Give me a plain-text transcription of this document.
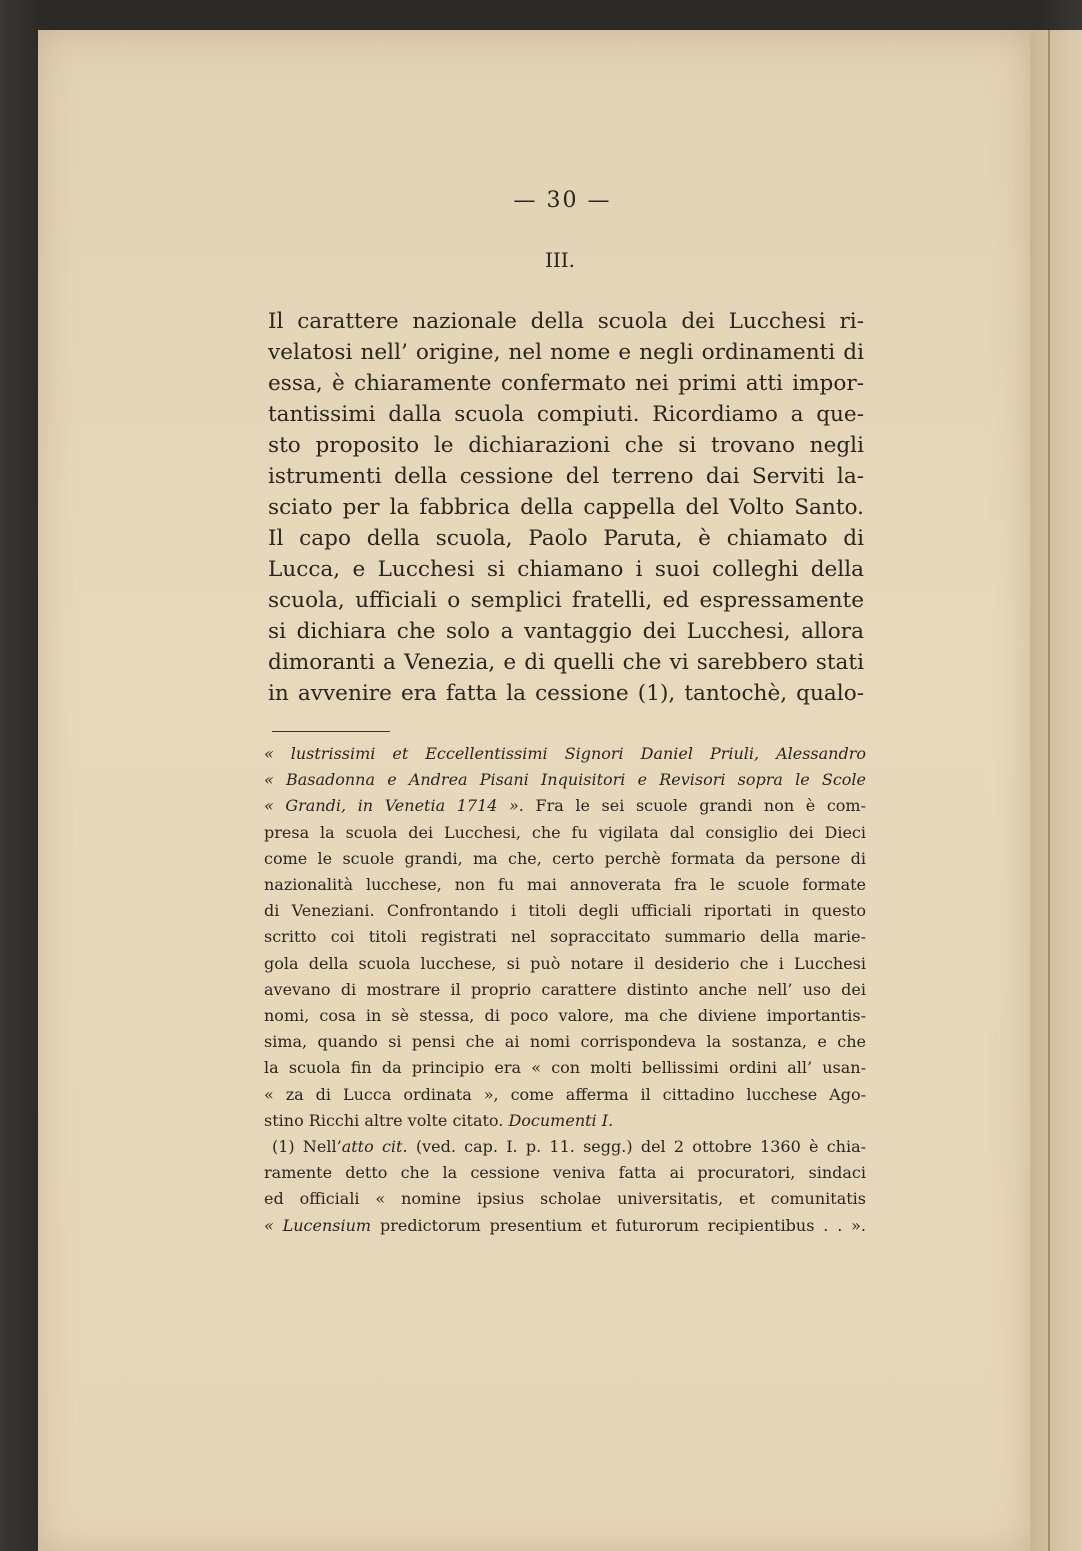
— 30 —
III.
Il carattere nazionale della scuola dei Lucchesi ri-
velatosi nell’ origine, nel nome e negli ordinamenti di
essa, è chiaramente confermato nei primi atti impor-
tantissimi dalla scuola compiuti. Ricordiamo a que-
sto proposito le dichiarazioni che si trovano negli
istrumenti della cessione del terreno dai Serviti la-
sciato per la fabbrica della cappella del Volto Santo.
Il capo della scuola, Paolo Paruta, è chiamato di
Lucca, e Lucchesi si chiamano i suoi colleghi della
scuola, ufficiali o semplici fratelli, ed espressamente
si dichiara che solo a vantaggio dei Lucchesi, allora
dimoranti a Venezia, e di quelli che vi sarebbero stati
in avvenire era fatta la cessione (1), tantochè, qualo-
« lustrissimi et Eccellentissimi Signori Daniel Priuli, Alessandro
« Basadonna e Andrea Pisani Inquisitori e Revisori sopra le Scole
« Grandi, in Venetia 1714 ». Fra le sei scuole grandi non è com-
presa la scuola dei Lucchesi, che fu vigilata dal consiglio dei Dieci
come le scuole grandi, ma che, certo perchè formata da persone di
nazionalità lucchese, non fu mai annoverata fra le scuole formate
di Veneziani. Confrontando i titoli degli ufficiali riportati in questo
scritto coi titoli registrati nel sopraccitato summario della marie-
gola della scuola lucchese, si può notare il desiderio che i Lucchesi
avevano di mostrare il proprio carattere distinto anche nell’ uso dei
nomi, cosa in sè stessa, di poco valore, ma che diviene importantis-
sima, quando si pensi che ai nomi corrispondeva la sostanza, e che
la scuola fin da principio era « con molti bellissimi ordini all’ usan-
« za di Lucca ordinata », come afferma il cittadino lucchese Ago-
stino Ricchi altre volte citato. Documenti I.
(1) Nell’atto cit. (ved. cap. I. p. 11. segg.) del 2 ottobre 1360 è chia-
ramente detto che la cessione veniva fatta ai procuratori, sindaci
ed officiali « nomine ipsius scholae universitatis, et comunitatis
« Lucensium predictorum presentium et futurorum recipientibus . . ».
